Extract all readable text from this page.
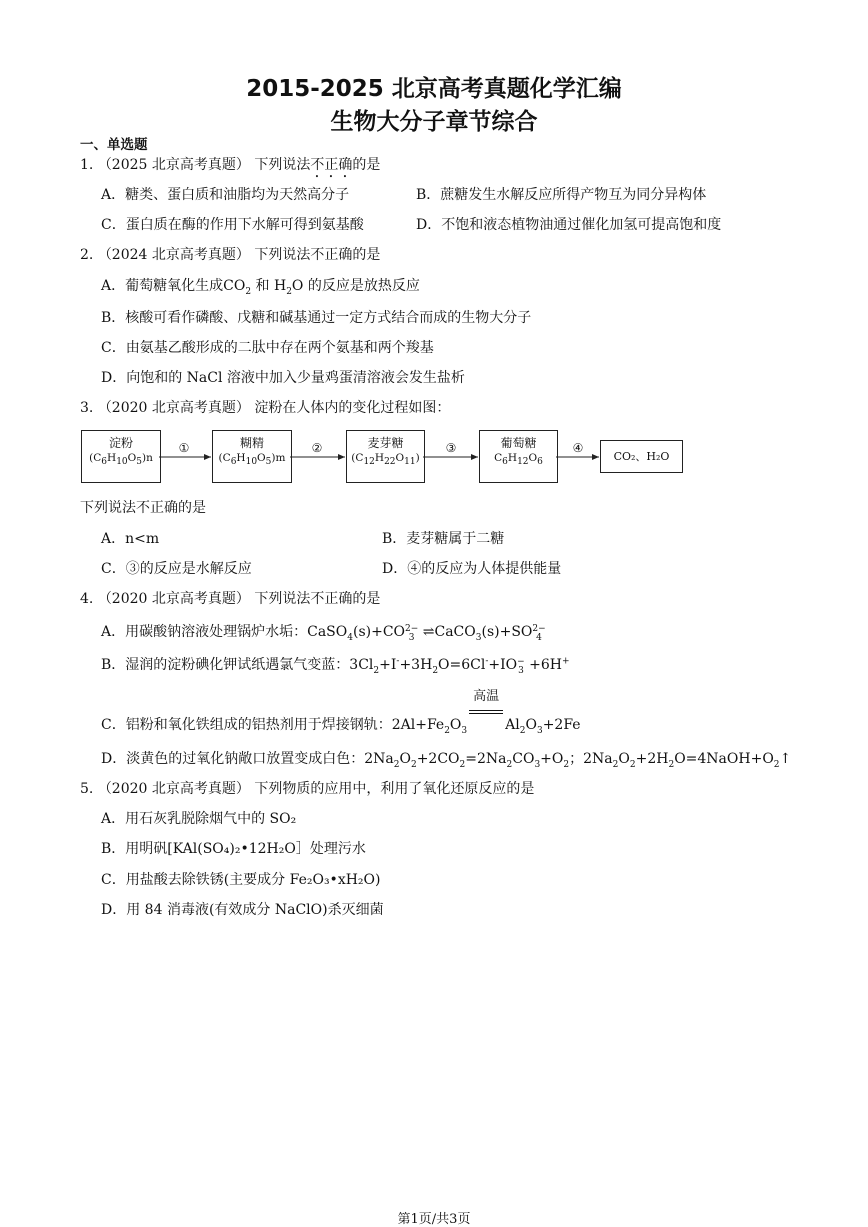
2015-2025 北京高考真题化学汇编
生物大分子章节综合
一、单选题
1. （2025 北京高考真题） 下列说法不正确的是
A．糖类、蛋白质和油脂均为天然高分子	B．蔗糖发生水解反应所得产物互为同分异构体
C．蛋白质在酶的作用下水解可得到氨基酸	D．不饱和液态植物油通过催化加氢可提高饱和度
2. （2024 北京高考真题） 下列说法不正确的是
A．葡萄糖氧化生成$CO_2$ 和 $H_2O$ 的反应是放热反应
B．核酸可看作磷酸、戊糖和碱基通过一定方式结合而成的生物大分子
C．由氨基乙酸形成的二肽中存在两个氨基和两个羧基
D．向饱和的 NaCl 溶液中加入少量鸡蛋清溶液会发生盐析
3. （2020 北京高考真题） 淀粉在人体内的变化过程如图：
淀粉
$(C_6H_{10}O_5)n$
糊精
$(C_6H_{10}O_5)m$
麦芽糖
$(C_{12}H_{22}O_{11})$
葡萄糖
$C_6H_{12}O_6$	CO₂、H₂O
①	②	③	④
下列说法不正确的是
A．n<m	B．麦芽糖属于二糖
C．③的反应是水解反应	D．④的反应为人体提供能量
4. （2020 北京高考真题） 下列说法不正确的是
A．用碳酸钠溶液处理锅炉水垢：CaSO$_4$(s)+CO2−
3 ⇌CaCO$_3$(s)+SO2−
4
B．湿润的淀粉碘化钾试纸遇氯气变蓝：$3Cl_2+I^-+3H_2O=6Cl^-+IO-$
3 +6H+
C．铝粉和氧化铁组成的铝热剂用于焊接钢轨：$2Al+Fe_2O_3$
高温
$Al_2O_3+2Fe$
D．淡黄色的过氧化钠敞口放置变成白色：$2Na_2O_2+2CO_2=2Na_2CO_3+O_2$；$2Na_2O_2+2H_2O=4NaOH+O_2↑$
5. （2020 北京高考真题） 下列物质的应用中，利用了氧化还原反应的是
A．用石灰乳脱除烟气中的 SO₂
B．用明矾[KAl(SO₄)₂•12H₂O］处理污水
C．用盐酸去除铁锈(主要成分 Fe₂O₃•xH₂O)
D．用 84 消毒液(有效成分 NaClO)杀灭细菌
第1页/共3页
